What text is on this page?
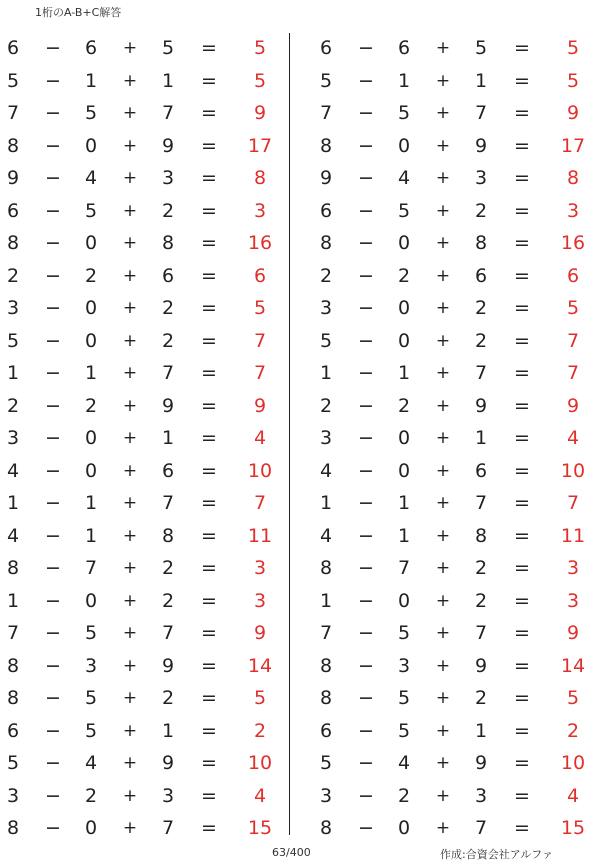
1桁のA-B+C解答
6	−	6	+	5	=	5
5	−	1	+	1	=	5
7	−	5	+	7	=	9
8	−	0	+	9	=	17
9	−	4	+	3	=	8
6	−	5	+	2	=	3
8	−	0	+	8	=	16
2	−	2	+	6	=	6
3	−	0	+	2	=	5
5	−	0	+	2	=	7
1	−	1	+	7	=	7
2	−	2	+	9	=	9
3	−	0	+	1	=	4
4	−	0	+	6	=	10
1	−	1	+	7	=	7
4	−	1	+	8	=	11
8	−	7	+	2	=	3
1	−	0	+	2	=	3
7	−	5	+	7	=	9
8	−	3	+	9	=	14
8	−	5	+	2	=	5
6	−	5	+	1	=	2
5	−	4	+	9	=	10
3	−	2	+	3	=	4
8	−	0	+	7	=	15
6	−	6	+	5	=	5
5	−	1	+	1	=	5
7	−	5	+	7	=	9
8	−	0	+	9	=	17
9	−	4	+	3	=	8
6	−	5	+	2	=	3
8	−	0	+	8	=	16
2	−	2	+	6	=	6
3	−	0	+	2	=	5
5	−	0	+	2	=	7
1	−	1	+	7	=	7
2	−	2	+	9	=	9
3	−	0	+	1	=	4
4	−	0	+	6	=	10
1	−	1	+	7	=	7
4	−	1	+	8	=	11
8	−	7	+	2	=	3
1	−	0	+	2	=	3
7	−	5	+	7	=	9
8	−	3	+	9	=	14
8	−	5	+	2	=	5
6	−	5	+	1	=	2
5	−	4	+	9	=	10
3	−	2	+	3	=	4
8	−	0	+	7	=	15
63/400	作成:合資会社アルファ
